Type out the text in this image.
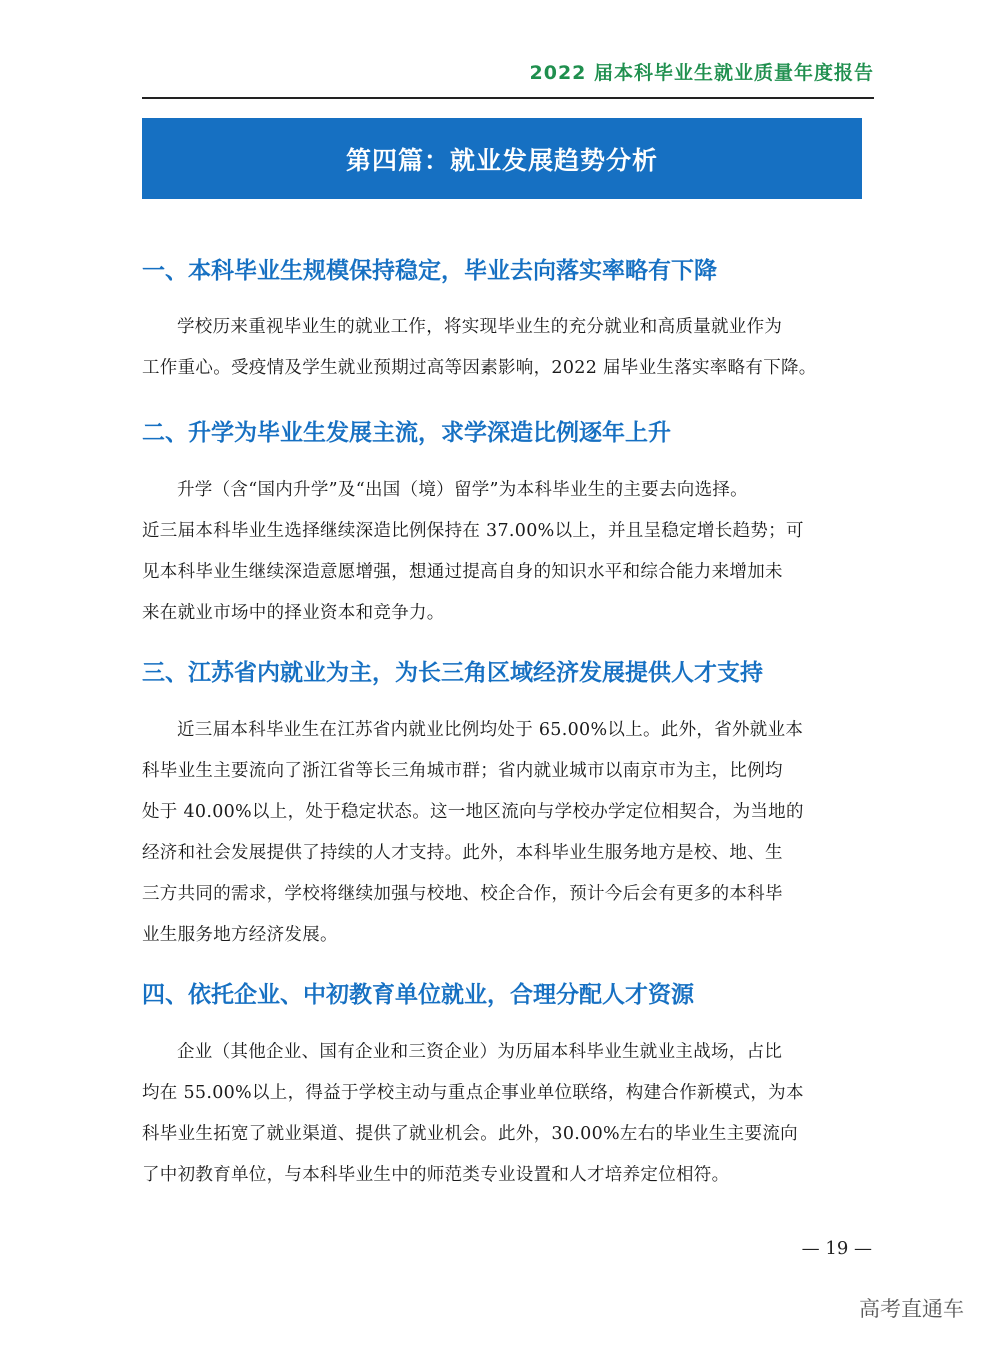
2022 届本科毕业生就业质量年度报告
第四篇：就业发展趋势分析
一、本科毕业生规模保持稳定，毕业去向落实率略有下降
学校历来重视毕业生的就业工作，将实现毕业生的充分就业和高质量就业作为
工作重心。受疫情及学生就业预期过高等因素影响，2022 届毕业生落实率略有下降。
二、升学为毕业生发展主流，求学深造比例逐年上升
升学（含“国内升学”及“出国（境）留学”为本科毕业生的主要去向选择。
近三届本科毕业生选择继续深造比例保持在 37.00%以上，并且呈稳定增长趋势；可
见本科毕业生继续深造意愿增强，想通过提高自身的知识水平和综合能力来增加未
来在就业市场中的择业资本和竞争力。
三、江苏省内就业为主，为长三角区域经济发展提供人才支持
近三届本科毕业生在江苏省内就业比例均处于 65.00%以上。此外，省外就业本
科毕业生主要流向了浙江省等长三角城市群；省内就业城市以南京市为主，比例均
处于 40.00%以上，处于稳定状态。这一地区流向与学校办学定位相契合，为当地的
经济和社会发展提供了持续的人才支持。此外，本科毕业生服务地方是校、地、生
三方共同的需求，学校将继续加强与校地、校企合作，预计今后会有更多的本科毕
业生服务地方经济发展。
四、依托企业、中初教育单位就业，合理分配人才资源
企业（其他企业、国有企业和三资企业）为历届本科毕业生就业主战场，占比
均在 55.00%以上，得益于学校主动与重点企事业单位联络，构建合作新模式，为本
科毕业生拓宽了就业渠道、提供了就业机会。此外，30.00%左右的毕业生主要流向
了中初教育单位，与本科毕业生中的师范类专业设置和人才培养定位相符。
— 19 —
高考直通车
